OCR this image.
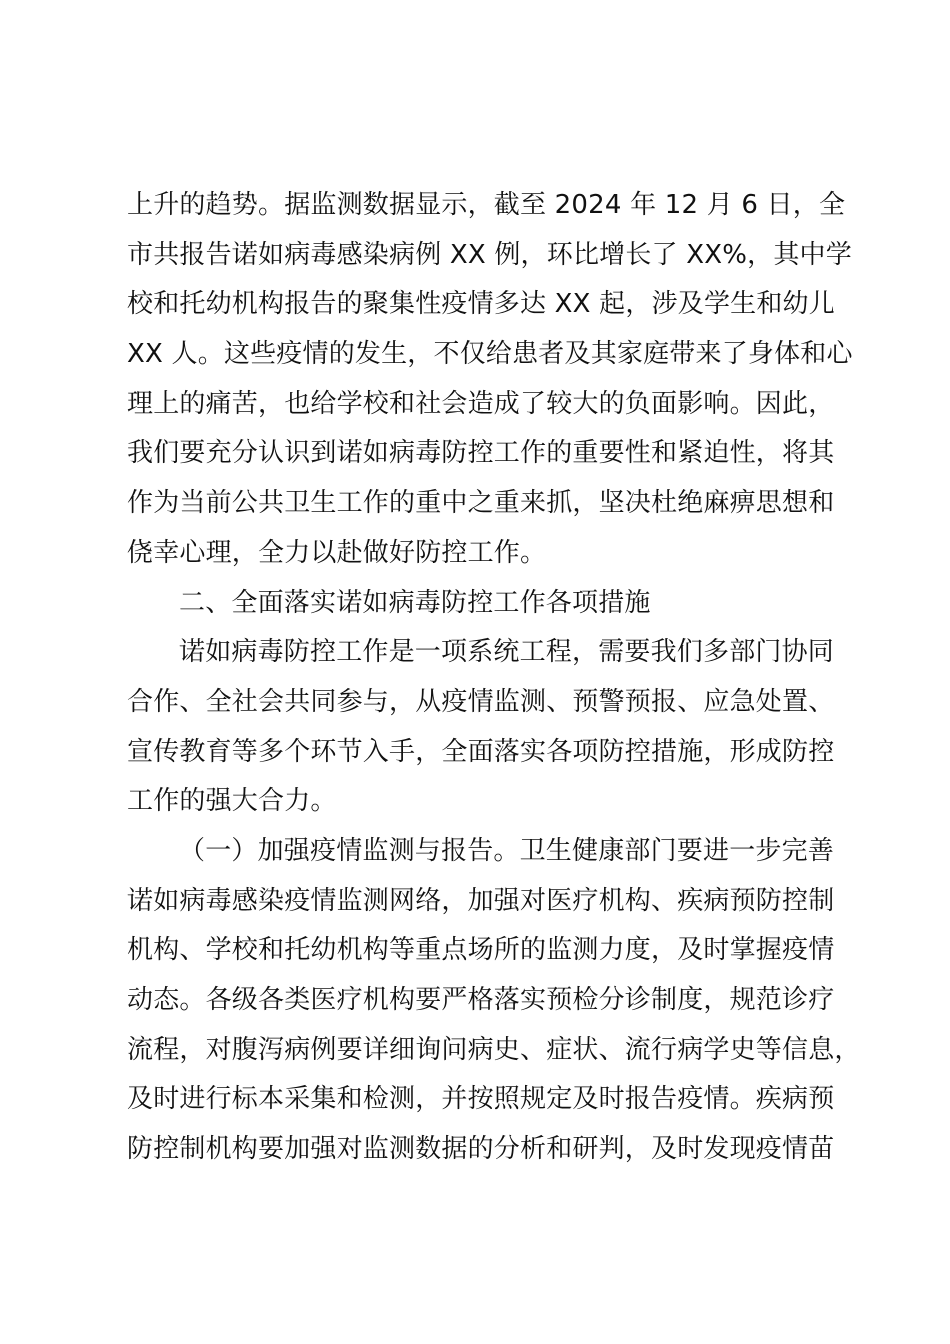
上升的趋势。据监测数据显示，截至 2024 年 12 月 6 日，全
市共报告诺如病毒感染病例 XX 例，环比增长了 XX%，其中学
校和托幼机构报告的聚集性疫情多达 XX 起，涉及学生和幼儿
XX 人。这些疫情的发生，不仅给患者及其家庭带来了身体和心
理上的痛苦，也给学校和社会造成了较大的负面影响。因此，
我们要充分认识到诺如病毒防控工作的重要性和紧迫性，将其
作为当前公共卫生工作的重中之重来抓，坚决杜绝麻痹思想和
侥幸心理，全力以赴做好防控工作。
二、全面落实诺如病毒防控工作各项措施
诺如病毒防控工作是一项系统工程，需要我们多部门协同
合作、全社会共同参与，从疫情监测、预警预报、应急处置、
宣传教育等多个环节入手，全面落实各项防控措施，形成防控
工作的强大合力。
（一）加强疫情监测与报告。卫生健康部门要进一步完善
诺如病毒感染疫情监测网络，加强对医疗机构、疾病预防控制
机构、学校和托幼机构等重点场所的监测力度，及时掌握疫情
动态。各级各类医疗机构要严格落实预检分诊制度，规范诊疗
流程，对腹泻病例要详细询问病史、症状、流行病学史等信息，
及时进行标本采集和检测，并按照规定及时报告疫情。疾病预
防控制机构要加强对监测数据的分析和研判，及时发现疫情苗
